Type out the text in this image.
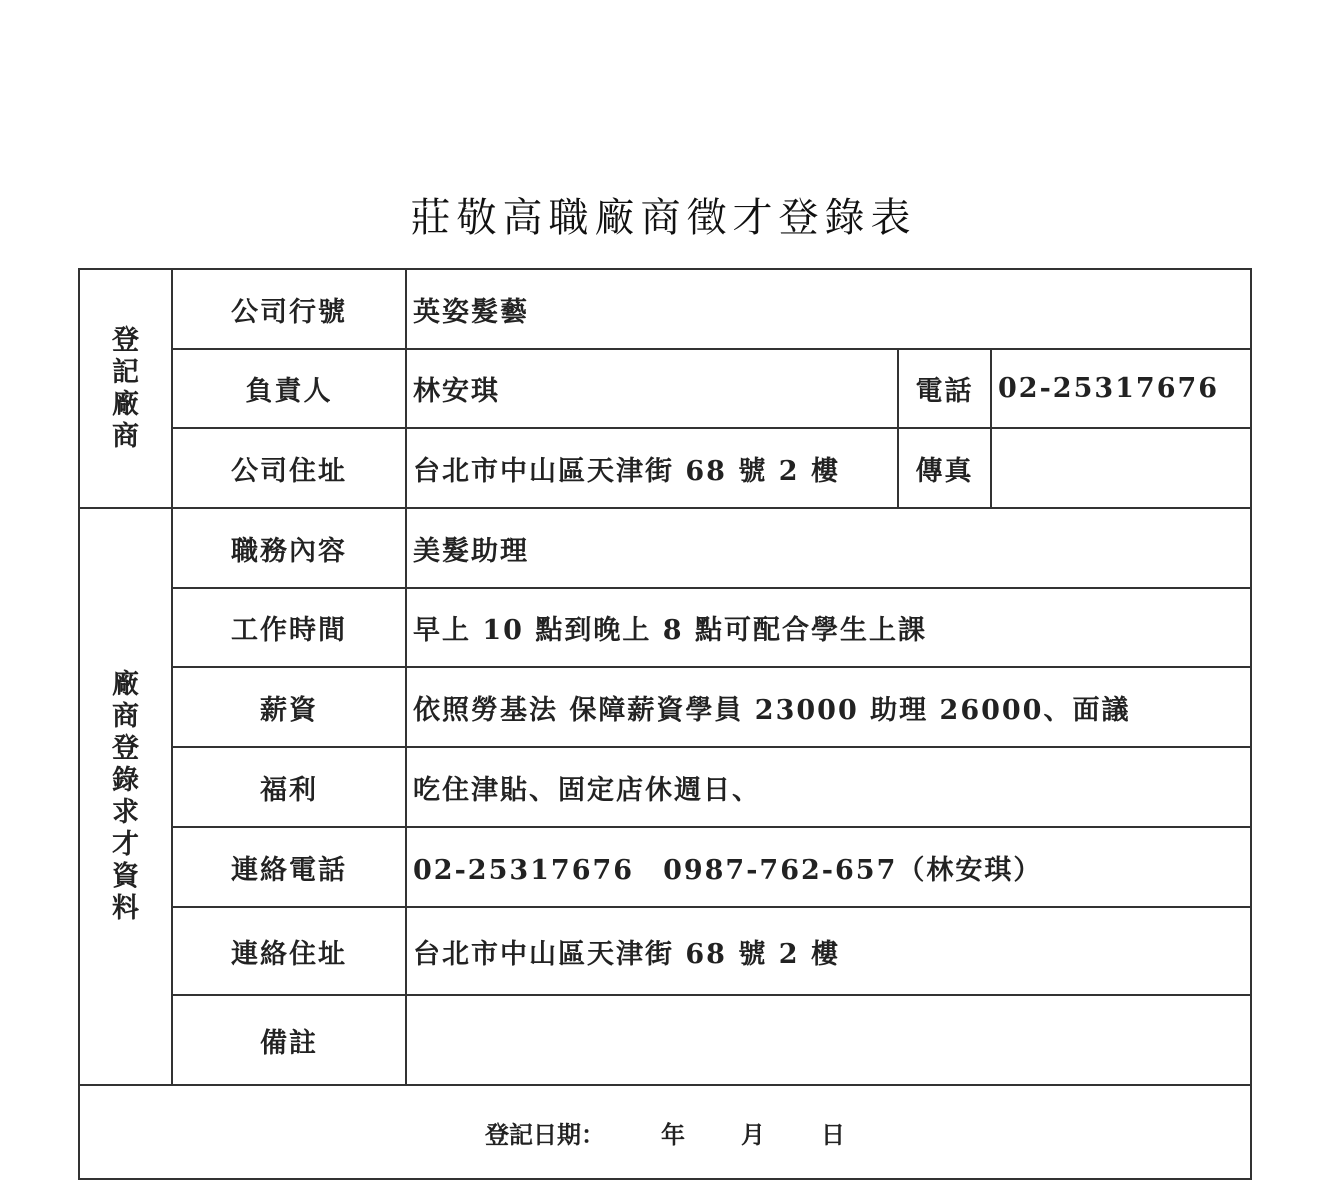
莊敬高職廠商徵才登錄表
登記廠商	公司行號	英姿髮藝		
	負責人	林安琪	電話	02-25317676
	公司住址	台北市中山區天津街 68 號 2 樓	傳真	
廠商登錄求才資料	職務內容	美髮助理		
	工作時間	早上 10 點到晚上 8 點可配合學生上課		
	薪資	依照勞基法 保障薪資學員 23000 助理 26000、面議		
	福利	吃住津貼、固定店休週日、		
	連絡電話	02-25317676　0987-762-657（林安琪）		
	連絡住址	台北市中山區天津街 68 號 2 樓		
	備註			
登記日期： 年 月 日				
